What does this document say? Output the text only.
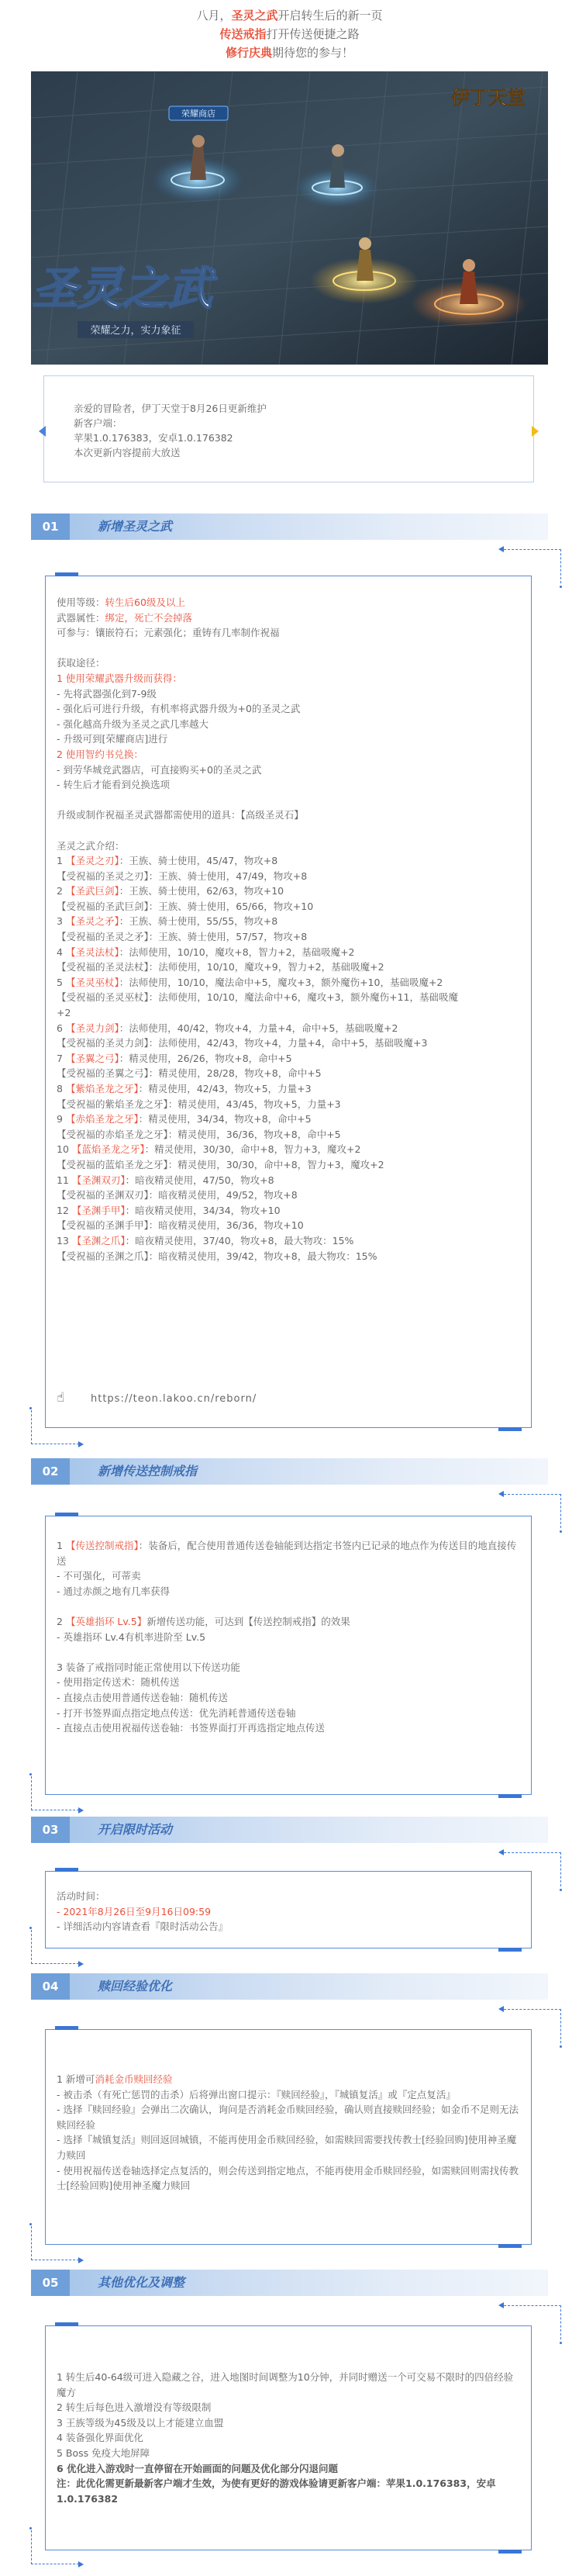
八月，圣灵之武开启转生后的新一页

传送戒指打开传送便捷之路

修行庆典期待您的参与！

荣耀商店
伊丁天堂
圣灵之武
荣耀之力，实力象征

亲爱的冒险者，伊丁天堂于8月26日更新维护

新客户端：

苹果1.0.176383，安卓1.0.176382

本次更新内容提前大放送

01	新增圣灵之武

使用等级：转生后60级及以上

武器属性：绑定，死亡不会掉落

可参与：镶嵌符石；元素强化；重铸有几率制作祝福

获取途径：

1 使用荣耀武器升级而获得：

- 先将武器强化到7-9级

- 强化后可进行升级，有机率将武器升级为+0的圣灵之武

- 强化越高升级为圣灵之武几率越大

- 升级可到[荣耀商店]进行

2 使用智约书兑换：

- 到劳华城竞武器店，可直接购买+0的圣灵之武

- 转生后才能看到兑换选项

升级或制作祝福圣灵武器都需使用的道具：【高级圣灵石】

圣灵之武介绍：

1 【圣灵之刃】：王族、骑士使用，45/47，物攻+8

【受祝福的圣灵之刃】：王族、骑士使用，47/49，物攻+8

2 【圣武巨剑】：王族、骑士使用，62/63，物攻+10

【受祝福的圣武巨剑】：王族、骑士使用，65/66，物攻+10

3 【圣灵之矛】：王族、骑士使用，55/55，物攻+8

【受祝福的圣灵之矛】：王族、骑士使用，57/57，物攻+8

4 【圣灵法杖】：法师使用，10/10，魔攻+8，智力+2，基础吸魔+2

【受祝福的圣灵法杖】：法师使用，10/10，魔攻+9，智力+2，基础吸魔+2

5 【圣灵巫杖】：法师使用，10/10，魔法命中+5，魔攻+3，额外魔伤+10，基础吸魔+2

【受祝福的圣灵巫杖】：法师使用，10/10，魔法命中+6，魔攻+3，额外魔伤+11，基础吸魔

+2

6 【圣灵力剑】：法师使用，40/42，物攻+4，力量+4，命中+5，基础吸魔+2

【受祝福的圣灵力剑】：法师使用，42/43，物攻+4，力量+4，命中+5，基础吸魔+3

7 【圣翼之弓】：精灵使用，26/26，物攻+8，命中+5

【受祝福的圣翼之弓】：精灵使用，28/28，物攻+8，命中+5

8 【紫焰圣龙之牙】：精灵使用，42/43，物攻+5，力量+3

【受祝福的紫焰圣龙之牙】：精灵使用，43/45，物攻+5，力量+3

9 【赤焰圣龙之牙】：精灵使用，34/34，物攻+8，命中+5

【受祝福的赤焰圣龙之牙】：精灵使用，36/36，物攻+8，命中+5

10 【蓝焰圣龙之牙】：精灵使用，30/30，命中+8，智力+3，魔攻+2

【受祝福的蓝焰圣龙之牙】：精灵使用，30/30，命中+8，智力+3，魔攻+2

11 【圣渊双刃】：暗夜精灵使用，47/50，物攻+8

【受祝福的圣渊双刃】：暗夜精灵使用，49/52，物攻+8

12 【圣渊手甲】：暗夜精灵使用，34/34，物攻+10

【受祝福的圣渊手甲】：暗夜精灵使用，36/36，物攻+10

13 【圣渊之爪】：暗夜精灵使用，37/40，物攻+8，最大物攻：15%

【受祝福的圣渊之爪】：暗夜精灵使用，39/42，物攻+8，最大物攻：15%

☝	https://teon.lakoo.cn/reborn/
02	新增传送控制戒指

1 【传送控制戒指】：装备后，配合使用普通传送卷轴能到达指定书签内已记录的地点作为传送目的地直接传送

- 不可强化，可蒂卖

- 通过赤颜之地有几率获得

2 【英雄指环 Lv.5】新增传送功能，可达到【传送控制戒指】的效果

- 英雄指环 Lv.4有机率进阶至 Lv.5

3 装备了戒指同时能正常使用以下传送功能

- 使用指定传送术：随机传送

- 直接点击使用普通传送卷轴：随机传送

- 打开书签界面点指定地点传送：优先消耗普通传送卷轴

- 直接点击使用祝福传送卷轴：书签界面打开再选指定地点传送

03	开启限时活动

活动时间：

- 2021年8月26日至9月16日09:59

- 详细活动内容请查看『限时活动公告』

04	赎回经验优化

1 新增可消耗金币赎回经验

- 被击杀（有死亡惩罚的击杀）后将弹出窗口提示：『赎回经验』，『城镇复活』或『定点复活』

- 选择『赎回经验』会弹出二次确认，询问是否消耗金币赎回经验，确认则直接赎回经验；如金币不足则无法赎回经验

- 选择『城镇复活』则回返回城镇，不能再使用金币赎回经验，如需赎回需要找传教士[经验回购]使用神圣魔力赎回

- 使用祝福传送卷轴选择定点复活的，则会传送到指定地点，不能再使用金币赎回经验，如需赎回则需找传教士[经验回购]使用神圣魔力赎回

05	其他优化及调整

1 转生后40-64级可进入隐藏之谷，进入地图时间调整为10分钟，并同时赠送一个可交易不限时的四倍经验魔方

2 转生后每色进入激增没有等级限制

3 王族等级为45级及以上才能建立血盟

4 装备强化界面优化

5 Boss 免疫大地屏障

6 优化进入游戏时一直停留在开始画面的问题及优化部分闪退问题

注：此优化需更新最新客户端才生效，为使有更好的游戏体验请更新客户端：苹果1.0.176383，安卓1.0.176382
